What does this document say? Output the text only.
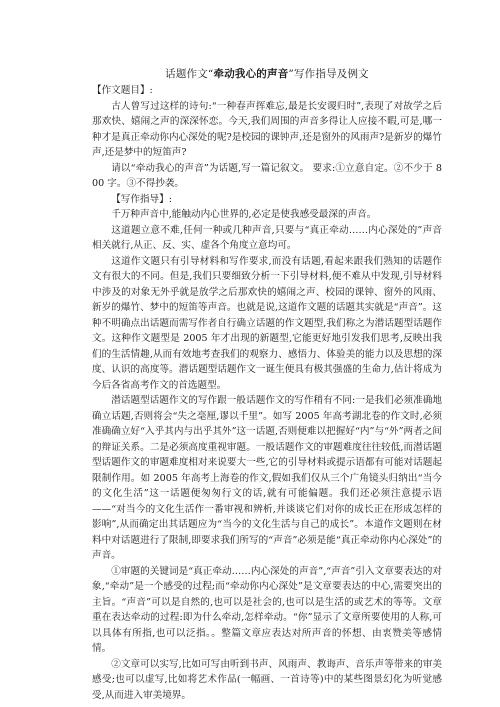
话题作文“牵动我心的声音”写作指导及例文
【作文题目】:

古人曾写过这样的诗句:“一种春声挥难忘,最是长安谡归时”,表现了对故学之后那欢快、嬉闹之声的深深怀恋。今天,我们周围的声音多得让人应接不暇,可是,哪一种才是真正牵动你内心深处的呢?是校园的课钟声,还是窗外的风雨声?是新岁的爆竹声,还是梦中的短笛声?

请以“牵动我心的声音”为话题,写一篇记叙文。 要求:①立意自定。②不少于 800 字。③不得抄袭。

【写作指导】:

千万种声音中,能触动内心世界的,必定是使我感受最深的声音。

这道题立意不难,任何一种或几种声音,只要与“真正牵动……内心深处的”声音相关就行,从正、反、实、虚各个角度立意均可。

这道作文题只有引导材料和写作要求,而没有话题,看起来跟我们熟知的话题作文有很大的不同。但是,我们只要细致分析一下引导材料,便不难从中发现,引导材料中涉及的对象无外乎就是放学之后那欢快的嬉闹之声、校园的课钟、窗外的风雨、新岁的爆竹、梦中的短笛等声音。也就是说,这道作文题的话题其实就是“声音”。这种不明确点出话题而需写作者自行确立话题的作文题型,我们称之为潜话题型话题作文。这种作文题型是 2005 年才出现的新题型,它能更好地引发我们思考,反映出我们的生活情趣,从而有效地考查我们的观察力、感悟力、体验美的能力以及思想的深度、认识的高度等。潜话题型话题作文一诞生便具有极其强盛的生命力,估计将成为今后各省高考作文的首选题型。

潜话题型话题作文的写作跟一般话题作文的写作稍有不同:一是我们必须准确地确立话题,否则将会“失之毫厘,谬以千里”。如写 2005 年高考湖北卷的作文时,必须准确确立好“入乎其内与出乎其外”这一话题,否则便难以把握好“内”与“外”两者之间的辩证关系。二是必须高度重视审题。一般话题作文的审题难度往往较低,而潜话题型话题作文的审题难度相对来说要大一些,它的引导材料或提示语都有可能对话题起限制作用。如 2005 年高考上海卷的作文,假如我们仅从三个广角镜头归纳出“当今的文化生活”这一话题便匆匆行文的话,就有可能偏题。我们还必须注意提示语——“对当今的文化生活作一番审视和辨析,并谈谈它们对你的成长正在形成怎样的影响”,从而确定出其话题应为“当今的文化生活与自己的成长”。本道作文题则在材料中对话题进行了限制,即要求我们所写的“声音”必须是能“真正牵动你内心深处”的声音。

①审题的关键词是“真正牵动……内心深处的声音”,“声音”引入文章要表达的对象,“牵动”是一个感受的过程;而“牵动你内心深处”是文章要表达的中心,需要突出的主旨。“声音”可以是自然的,也可以是社会的,也可以是生活的或艺术的等等。文章重在表达牵动的过程:即为什么牵动,怎样牵动。“你”显示了文章所要使用的人称,可以具体有所指,也可以泛指。。整篇文章应表达对所声音的怀想、由衷赞美等感情情。

②文章可以实写,比如可写由听到书声、风雨声、教诲声、音乐声等带来的审美感受;也可以虚写,比如将艺术作品(一幅画、一首诗等)中的某些图景幻化为听觉感受,从而进入审美境界。
